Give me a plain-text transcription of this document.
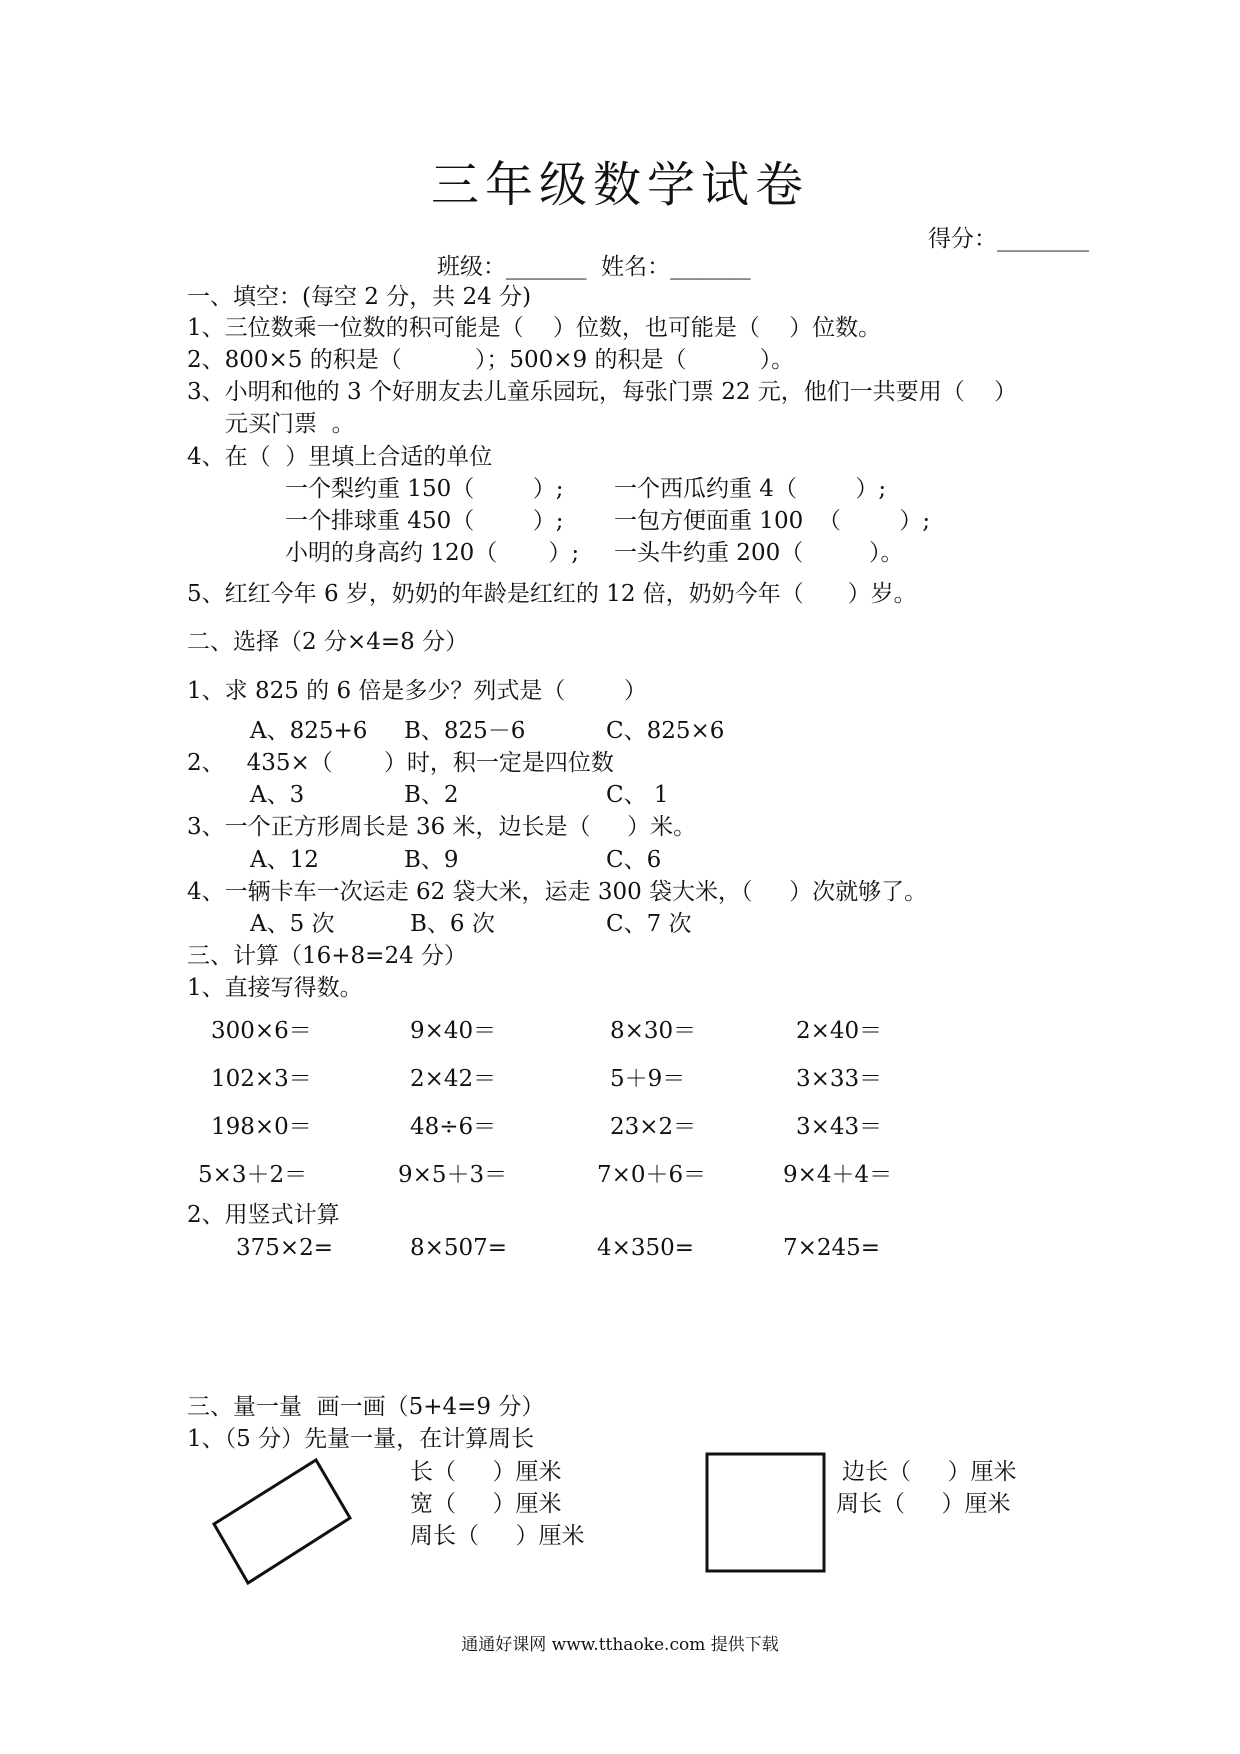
三年级数学试卷
得分：________
班级：_______  姓名：_______
一、填空：(每空 2 分，共 24 分)
1、三位数乘一位数的积可能是（    ）位数，也可能是（    ）位数。
2、800×5 的积是（          ）；500×9 的积是（          ）。
3、小明和他的 3 个好朋友去儿童乐园玩，每张门票 22 元，他们一共要用（    ）
元买门票  。
4、在（  ）里填上合适的单位
一个梨约重 150（        ）; 一个西瓜约重 4（        ）;
一个排球重 450（        ）; 一包方便面重 100  （        ）;
小明的身高约 120（       ）; 一头牛约重 200（         ）。
5、红红今年 6 岁，奶奶的年龄是红红的 12 倍，奶奶今年（      ）岁。
二、选择（2 分×4=8 分）
1、求 825 的 6 倍是多少？列式是（        ）
A、825+6 B、825－6	C、825×6
2、   435×（       ）时，积一定是四位数
A、3	B、2	C、 1
3、一个正方形周长是 36 米，边长是（     ）米。
A、12	B、9	C、6
4、一辆卡车一次运走 62 袋大米，运走 300 袋大米，（     ）次就够了。
A、5 次	B、6 次	C、7 次
三、计算（16+8=24 分）
1、直接写得数。
300×6＝	9×40＝	8×30＝	2×40＝
102×3＝	2×42＝	5＋9＝	3×33＝
198×0＝	48÷6＝	23×2＝	3×43＝
5×3＋2＝	9×5＋3＝	7×0＋6＝	9×4＋4＝
2、用竖式计算
375×2=	8×507=	4×350=	7×245=
三、量一量  画一画（5+4=9 分）
1、（5 分）先量一量，在计算周长
长（     ）厘米
宽（     ）厘米
周长（     ）厘米
边长（     ）厘米
周长（     ）厘米
通通好课网 www.tthaoke.com 提供下载
